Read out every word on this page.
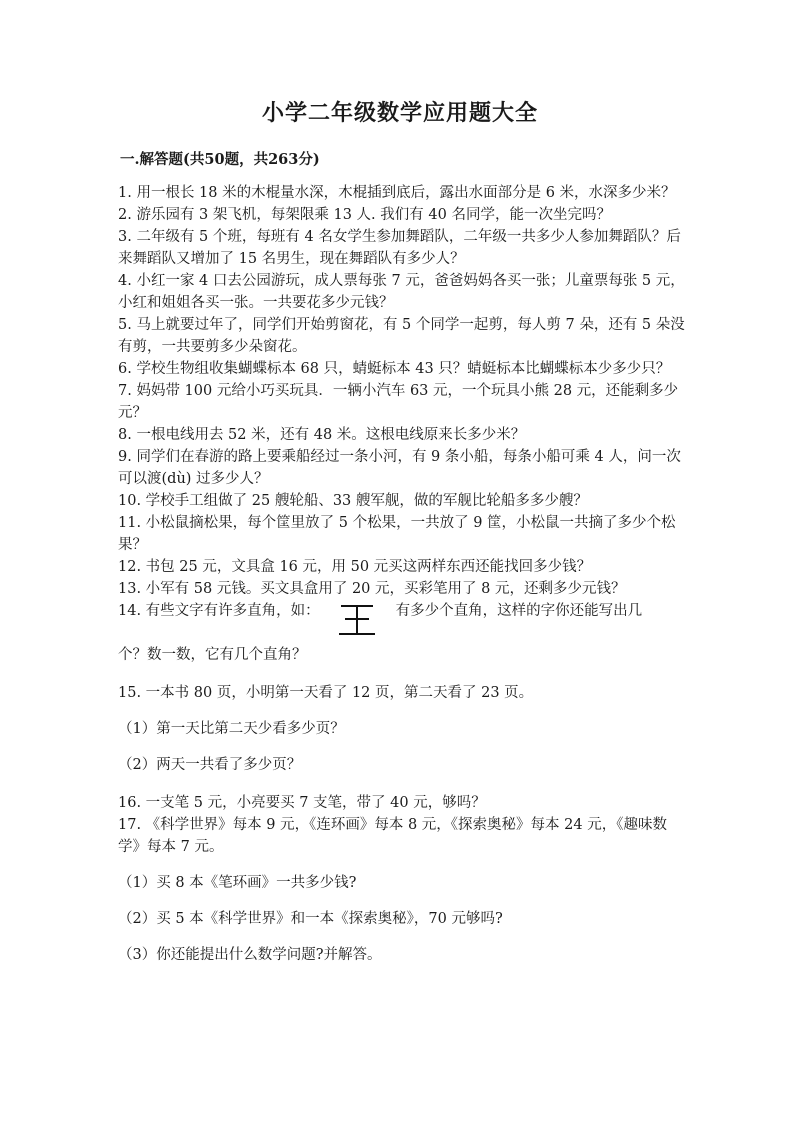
小学二年级数学应用题大全
一.解答题(共50题，共263分)

1. 用一根长 18 米的木棍量水深，木棍插到底后，露出水面部分是 6 米，水深多少米？

2. 游乐园有 3 架飞机，每架限乘 13 人. 我们有 40 名同学，能一次坐完吗？

3. 二年级有 5 个班，每班有 4 名女学生参加舞蹈队，二年级一共多少人参加舞蹈队？后来舞蹈队又增加了 15 名男生，现在舞蹈队有多少人？

4. 小红一家 4 口去公园游玩，成人票每张 7 元，爸爸妈妈各买一张；儿童票每张 5 元，小红和姐姐各买一张。一共要花多少元钱？

5. 马上就要过年了，同学们开始剪窗花，有 5 个同学一起剪，每人剪 7 朵，还有 5 朵没有剪，一共要剪多少朵窗花。

6. 学校生物组收集蝴蝶标本 68 只，蜻蜓标本 43 只？蜻蜓标本比蝴蝶标本少多少只？

7. 妈妈带 100 元给小巧买玩具．一辆小汽车 63 元，一个玩具小熊 28 元，还能剩多少元？

8. 一根电线用去 52 米，还有 48 米。这根电线原来长多少米？

9. 同学们在春游的路上要乘船经过一条小河，有 9 条小船，每条小船可乘 4 人，问一次可以渡(dù) 过多少人？

10. 学校手工组做了 25 艘轮船、33 艘军舰，做的军舰比轮船多多少艘？

11. 小松鼠摘松果，每个筐里放了 5 个松果，一共放了 9 筐，小松鼠一共摘了多少个松果？

12. 书包 25 元，文具盒 16 元，用 50 元买这两样东西还能找回多少钱？

13. 小军有 58 元钱。买文具盒用了 20 元，买彩笔用了 8 元，还剩多少元钱？

14. 有些文字有许多直角，如：	有多少个直角，这样的字你还能写出几

个？数一数，它有几个直角？

15. 一本书 80 页，小明第一天看了 12 页，第二天看了 23 页。

（1）第一天比第二天少看多少页？

（2）两天一共看了多少页？

16. 一支笔 5 元，小亮要买 7 支笔，带了 40 元，够吗？

17. 《科学世界》每本 9 元，《连环画》每本 8 元，《探索奥秘》每本 24 元，《趣味数学》每本 7 元。

（1）买 8 本《笔环画》一共多少钱?

（2）买 5 本《科学世界》和一本《探索奥秘》，70 元够吗?

（3）你还能提出什么数学问题?并解答。
